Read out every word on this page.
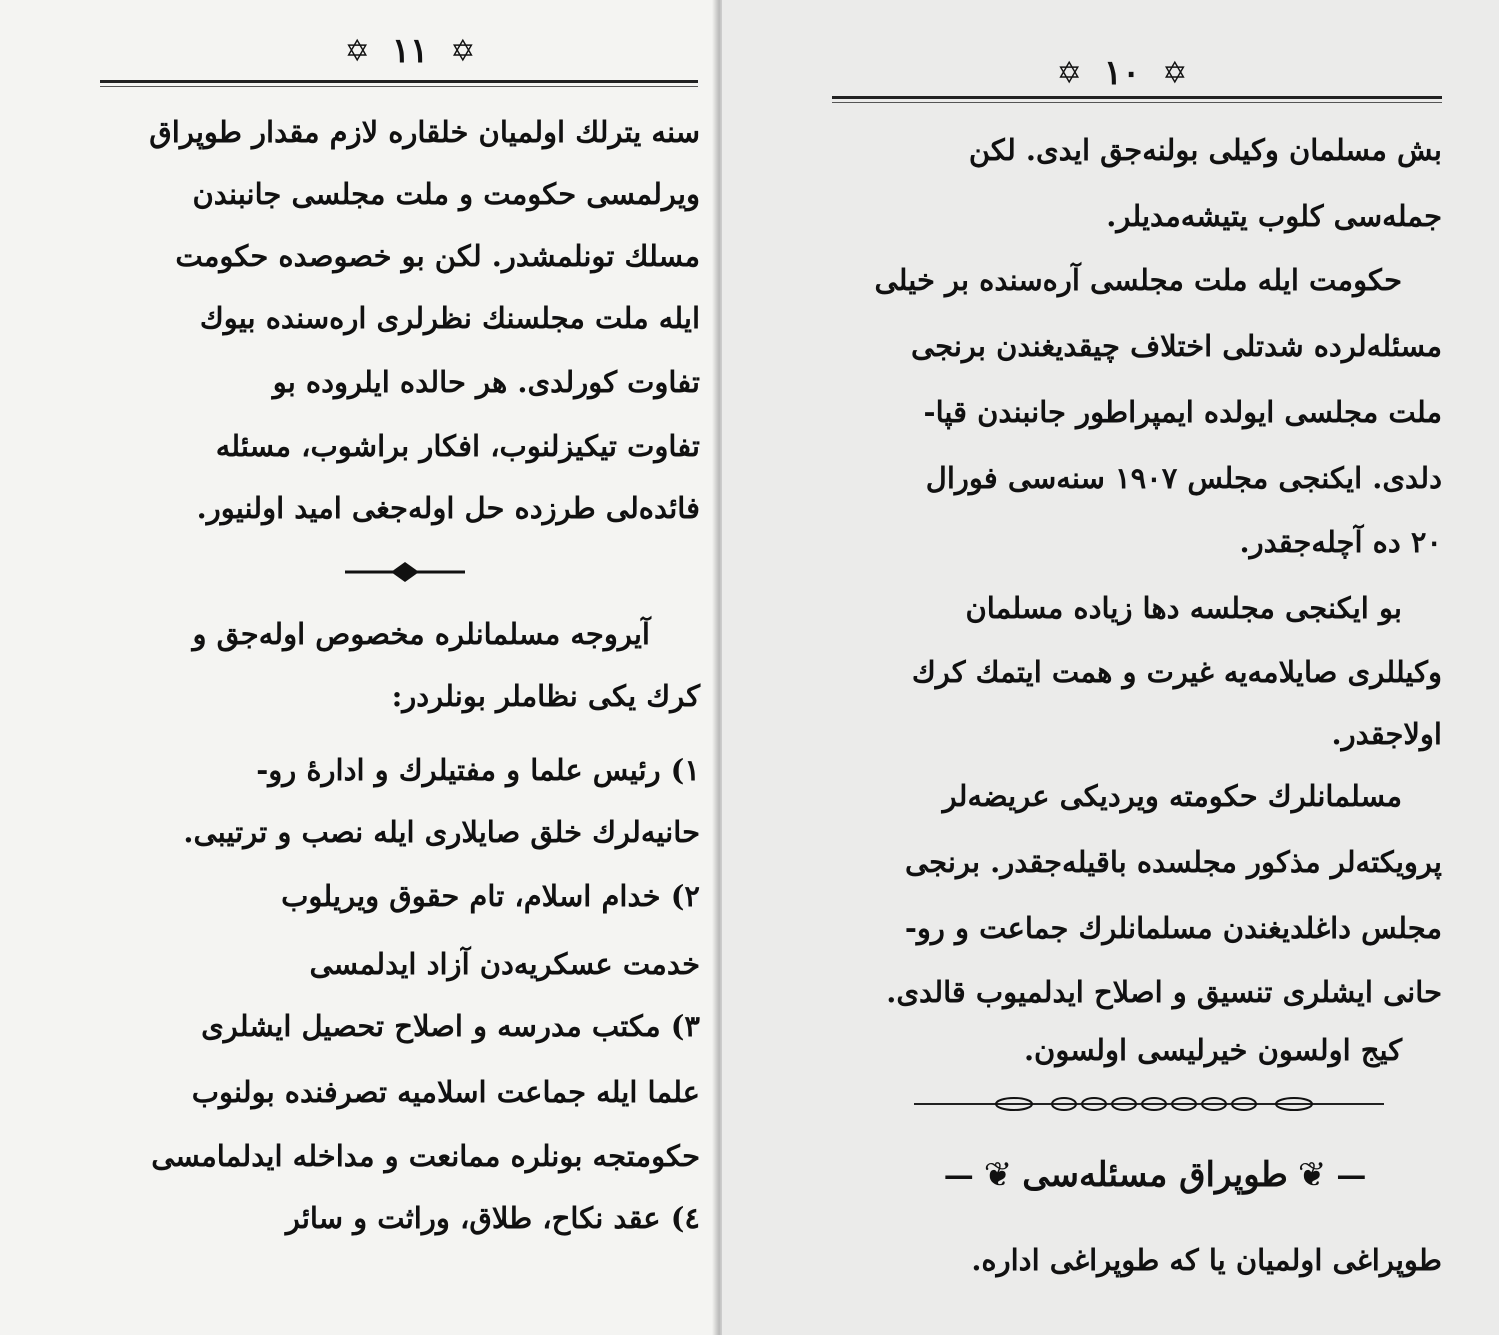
✡ ١١ ✡
سنه یترلك اولمیان خلقاره لازم مقدار طوپراق
ویرلمسی حکومت و ملت مجلسی جانبندن
مسلك تونلمشدر. لکن بو خصوصده حکومت
ایله ملت مجلسنك نظرلری اره‌سنده بیوك
تفاوت کورلدی. هر حالده ایلروده بو
تفاوت تیکیزلنوب، افکار براشوب، مسئله
فائده‌لی طرزده حل اوله‌جغی امید اولنیور.
آیروجه مسلمانلره مخصوص اوله‌جق و
کرك یکی نظاملر بونلردر:
١) رئیس علما و مفتیلرك و ادارهٔ رو-
حانیه‌لرك خلق صایلاری ایله نصب و ترتیبی.
٢) خدام اسلام، تام حقوق ویریلوب
خدمت عسکریه‌دن آزاد ایدلمسی
٣) مکتب مدرسه و اصلاح تحصیل ایشلری
علما ایله جماعت اسلامیه تصرفنده بولنوب
حکومتجه بونلره ممانعت و مداخله ایدلمامسی
٤) عقد نکاح، طلاق، وراثت و سائر
✡ ١٠ ✡
بش مسلمان وکیلی بولنه‌جق ایدی. لکن
جمله‌سی کلوب یتیشه‌مدیلر.
حکومت ایله ملت مجلسی آره‌سنده بر خیلی
مسئله‌لرده شدتلی اختلاف چیقدیغندن برنجی
ملت مجلسی ایولده ایمپراطور جانبندن قپا-
دلدی. ایکنجی مجلس ١٩٠٧ سنه‌سی فورال
٢٠ ده آچله‌جقدر.
بو ایکنجی مجلسه دها زیاده مسلمان
وکیللری صایلامه‌یه غیرت و همت ایتمك كرك
اولاجقدر.
مسلمانلرك حکومته ویردیکی عریضه‌لر
پرویکته‌لر مذکور مجلسده باقیله‌جقدر. برنجی
مجلس داغلدیغندن مسلمانلرك جماعت و رو-
حانی ایشلری تنسیق و اصلاح ایدلمیوب قالدی.
کیج اولسون خیرلیسی اولسون.
طوپراغی اولمیان یا که طوپراغی اداره.
—
❦
طوپراق مسئله‌سی
❦
—
